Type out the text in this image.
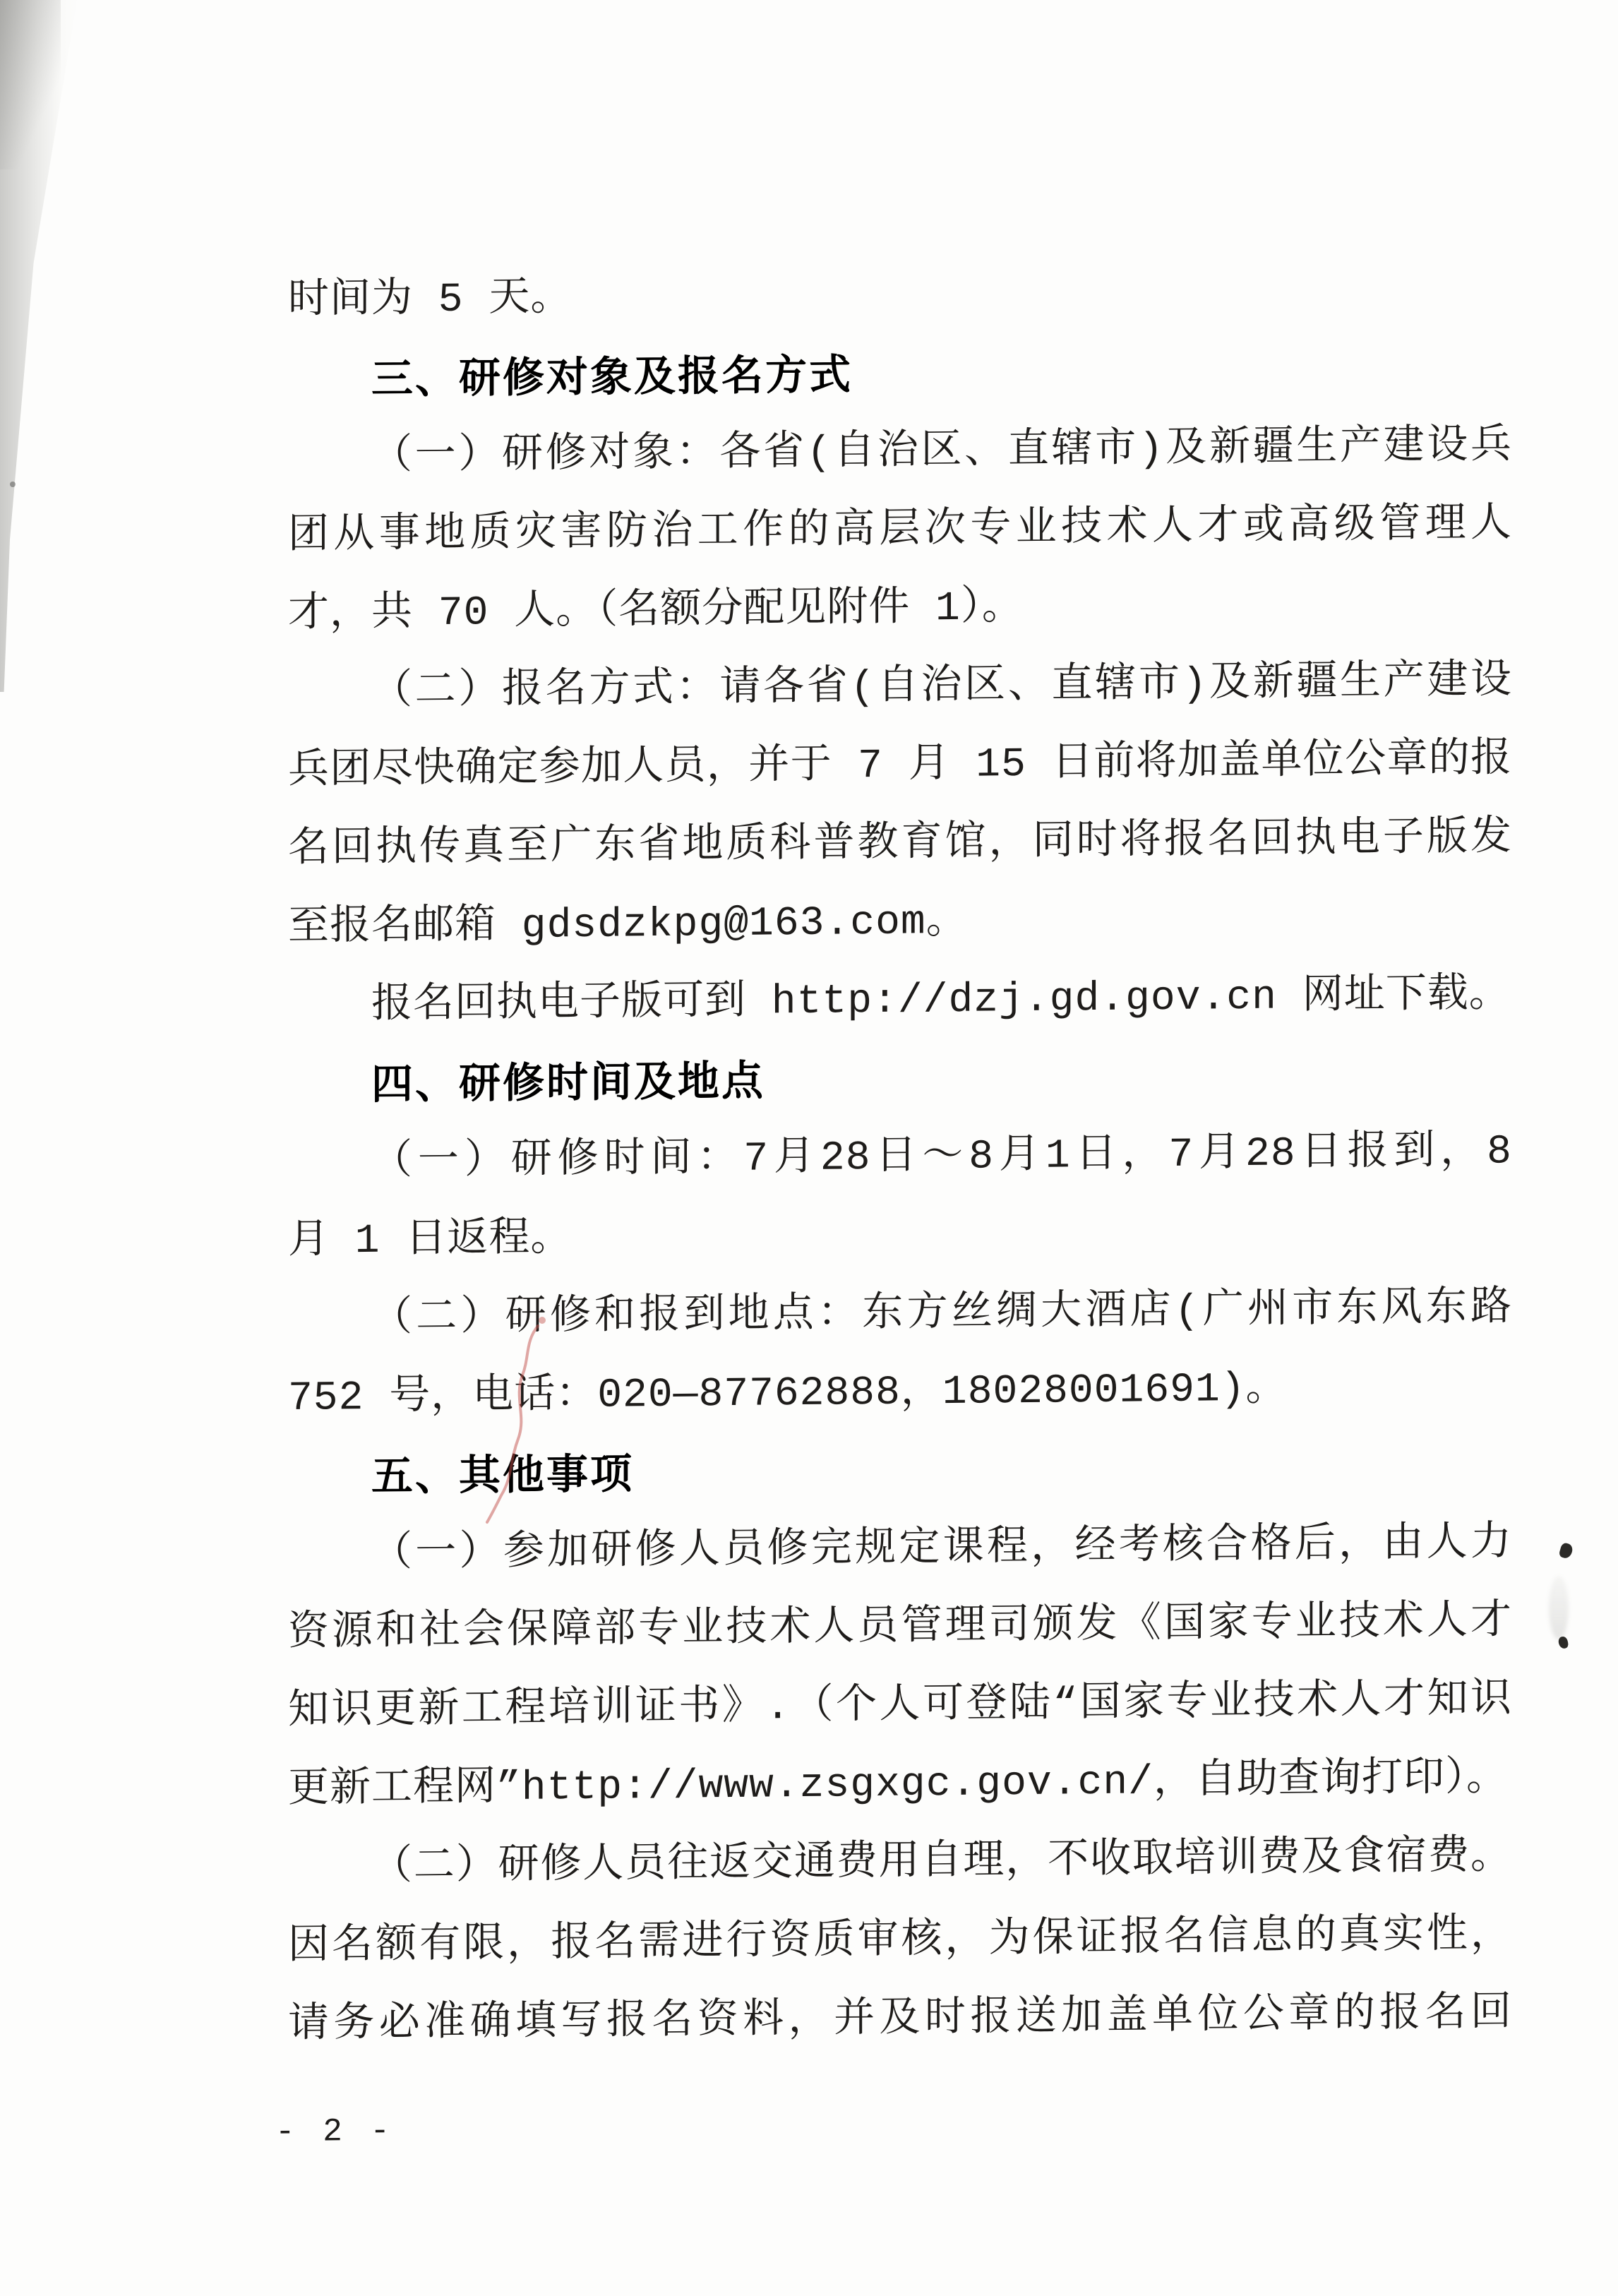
时间为 5 天。
三、研修对象及报名方式
（一）研修对象：各省(自治区、直辖市)及新疆生产建设兵
团从事地质灾害防治工作的高层次专业技术人才或高级管理人
才，共 70 人。（名额分配见附件 1）。
（二）报名方式：请各省(自治区、直辖市)及新疆生产建设
兵团尽快确定参加人员，并于 7 月 15 日前将加盖单位公章的报
名回执传真至广东省地质科普教育馆，同时将报名回执电子版发
至报名邮箱 gdsdzkpg@163.com。
报名回执电子版可到 http://dzj.gd.gov.cn 网址下载。
四、研修时间及地点
（一）研修时间：7月28日～8月1日，7月28日报到，8
月 1 日返程。
（二）研修和报到地点：东方丝绸大酒店(广州市东风东路
752 号，电话：020—87762888，18028001691)。
五、其他事项
（一）参加研修人员修完规定课程，经考核合格后，由人力
资源和社会保障部专业技术人员管理司颁发《国家专业技术人才
知识更新工程培训证书》.（个人可登陆“国家专业技术人才知识
更新工程网”http://www.zsgxgc.gov.cn/，自助查询打印）。
（二）研修人员往返交通费用自理，不收取培训费及食宿费。
因名额有限，报名需进行资质审核，为保证报名信息的真实性，
请务必准确填写报名资料，并及时报送加盖单位公章的报名回
- 2 -
